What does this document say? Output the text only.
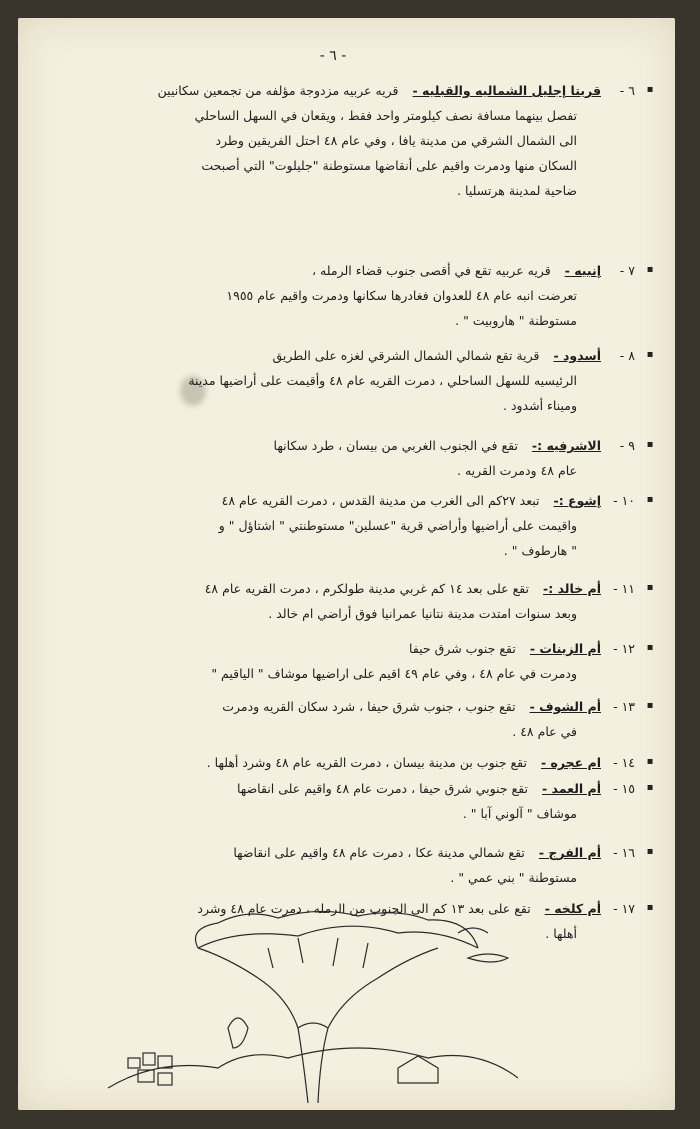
- ٦ -
▪
٦ -قريتا إجليل الشماليه والقبليه -قريه عربيه مزدوجة مؤلفه من تجمعين سكانيين
تفصل بينهما مسافة نصف كيلومتر واحد فقط ، ويقعان في السهل الساحلي
الى الشمال الشرقي من مدينة يافا ، وفي عام ٤٨ احتل الفريقين وطرد
السكان منها ودمرت واقيم على أنقاضها مستوطنة "جليلوت" التي أصبحت
ضاحية لمدينة هرتسليا .
▪
٧ -إنبيه -قريه عربيه تقع في أقصى جنوب قضاء الرمله ،
تعرضت انبه عام ٤٨ للعدوان فغادرها سكانها ودمرت واقيم عام ١٩٥٥
مستوطنة " هاروبيت " .
▪
٨ -أسدود -قرية تقع شمالي الشمال الشرقي لغزه على الطريق
الرئيسيه للسهل الساحلي ، دمرت القريه عام ٤٨ وأقيمت على أراضيها مدينة
وميناء أشدود .
▪
٩ -الاشرفيه :-تقع في الجنوب الغربي من بيسان ، طرد سكانها
عام ٤٨ ودمرت القريه .
▪
١٠ -إشوع :-تبعد ٢٧كم الى الغرب من مدينة القدس ، دمرت القريه عام ٤٨
واقيمت على أراضيها وأراضي قرية "عسلين" مستوطنتي " اشتاؤل " و
" هارطوف " .
▪
١١ -أم خالد :-تقع على بعد ١٤ كم غربي مدينة طولكرم ، دمرت القريه عام ٤٨
وبعد سنوات امتدت مدينة نتانيا عمرانيا فوق أراضي ام خالد .
▪
١٢ -أم الزينات -تقع جنوب شرق حيفا
ودمرت في عام ٤٨ ، وفي عام ٤٩ اقيم على اراضيها موشاف " الياقيم "
▪
١٣ -أم الشوف -تقع جنوب ، جنوب شرق حيفا ، شرد سكان القريه ودمرت
في عام ٤٨ .
▪
١٤ -ام عجره -تقع جنوب بن مدينة بيسان ، دمرت القريه عام ٤٨ وشرد أهلها .
▪
١٥ -أم العمد -تقع جنوبي شرق حيفا ، دمرت عام ٤٨ واقيم على انقاضها
موشاف " آلوني آبا " .
▪
١٦ -أم الفرج -تقع شمالي مدينة عكا ، دمرت عام ٤٨ واقيم على انقاضها
مستوطنة " بني عمي " .
▪
١٧ -أم كلخه -تقع على بعد ١٣ كم الى الجنوب من الرمله ، دمرت عام ٤٨ وشرد
أهلها .
